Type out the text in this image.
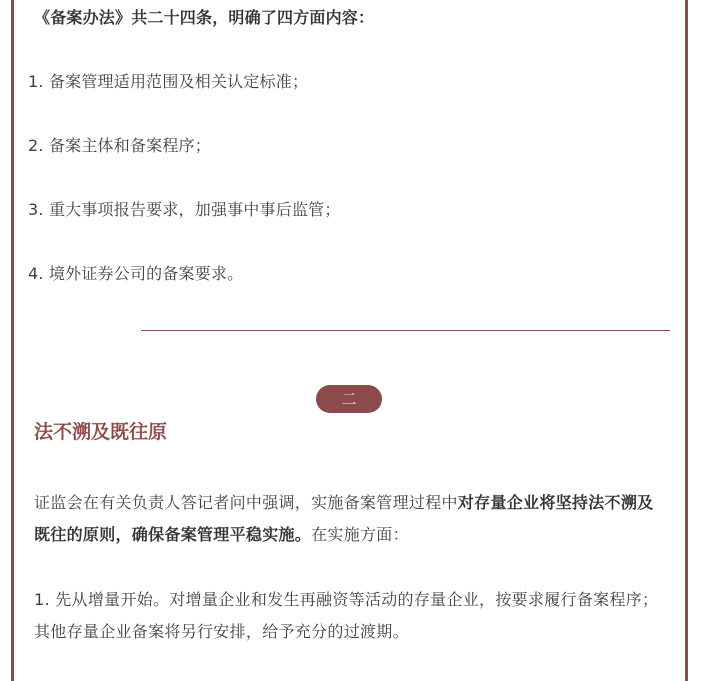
《备案办法》共二十四条，明确了四方面内容：
1. 备案管理适用范围及相关认定标准；
2. 备案主体和备案程序；
3. 重大事项报告要求，加强事中事后监管；
4. 境外证券公司的备案要求。
二
法不溯及既往原
证监会在有关负责人答记者问中强调，实施备案管理过程中对存量企业将坚持法不溯及既往的原则，确保备案管理平稳实施。在实施方面：
1. 先从增量开始。对增量企业和发生再融资等活动的存量企业，按要求履行备案程序；其他存量企业备案将另行安排，给予充分的过渡期。
